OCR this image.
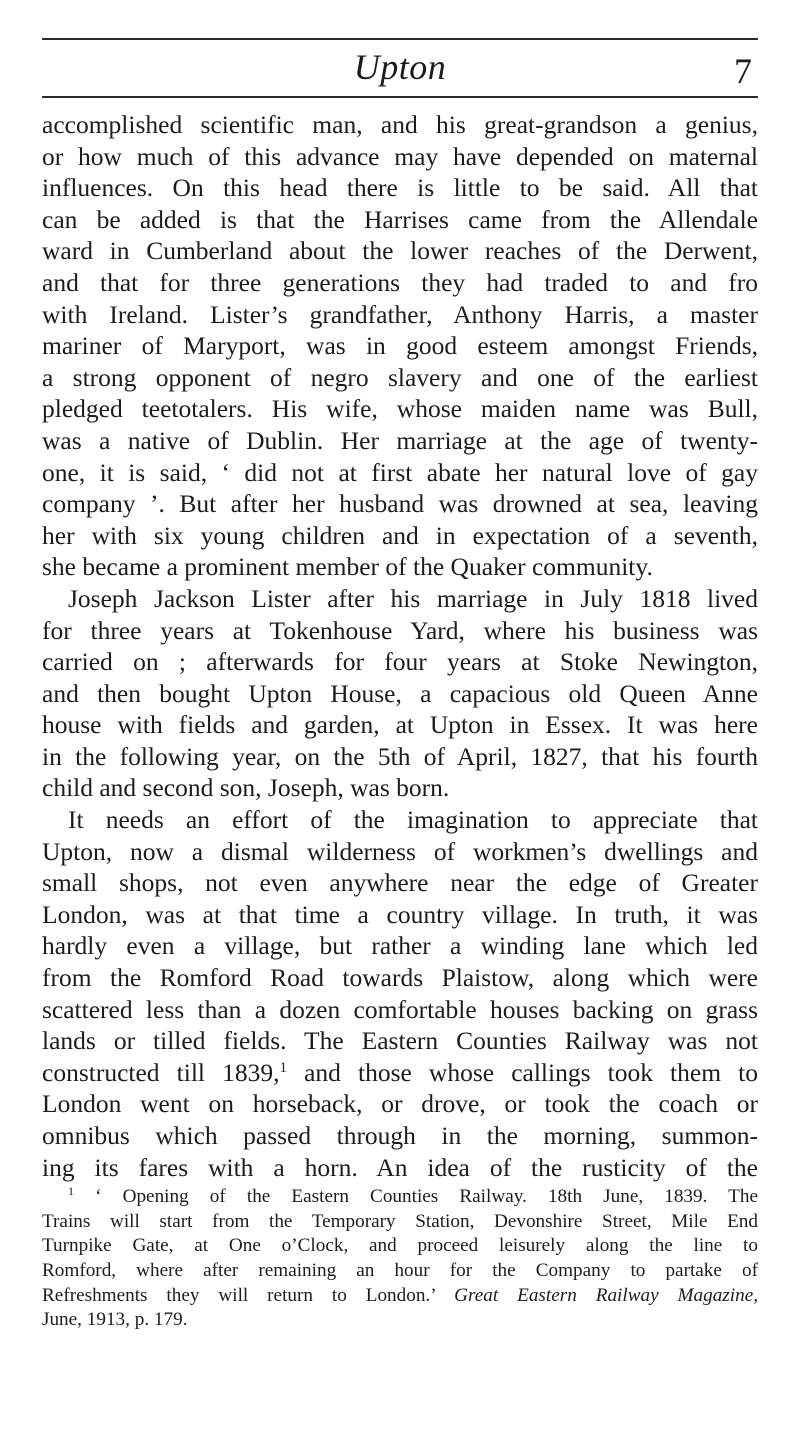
Upton	7
accomplished scientific man, and his great-grandson a genius,
or how much of this advance may have depended on maternal
influences. On this head there is little to be said. All that
can be added is that the Harrises came from the Allendale
ward in Cumberland about the lower reaches of the Derwent,
and that for three generations they had traded to and fro
with Ireland. Lister’s grandfather, Anthony Harris, a master
mariner of Maryport, was in good esteem amongst Friends,
a strong opponent of negro slavery and one of the earliest
pledged teetotalers. His wife, whose maiden name was Bull,
was a native of Dublin. Her marriage at the age of twenty-
one, it is said, ‘ did not at first abate her natural love of gay
company ’. But after her husband was drowned at sea, leaving
her with six young children and in expectation of a seventh,
she became a prominent member of the Quaker community.
Joseph Jackson Lister after his marriage in July 1818 lived
for three years at Tokenhouse Yard, where his business was
carried on ; afterwards for four years at Stoke Newington,
and then bought Upton House, a capacious old Queen Anne
house with fields and garden, at Upton in Essex. It was here
in the following year, on the 5th of April, 1827, that his fourth
child and second son, Joseph, was born.
It needs an effort of the imagination to appreciate that
Upton, now a dismal wilderness of workmen’s dwellings and
small shops, not even anywhere near the edge of Greater
London, was at that time a country village. In truth, it was
hardly even a village, but rather a winding lane which led
from the Romford Road towards Plaistow, along which were
scattered less than a dozen comfortable houses backing on grass
lands or tilled fields. The Eastern Counties Railway was not
constructed till 1839,$^1$ and those whose callings took them to
London went on horseback, or drove, or took the coach or
omnibus which passed through in the morning, summon-
ing its fares with a horn. An idea of the rusticity of the
$^1$ ‘ Opening of the Eastern Counties Railway. 18th June, 1839. The
Trains will start from the Temporary Station, Devonshire Street, Mile End
Turnpike Gate, at One o’Clock, and proceed leisurely along the line to
Romford, where after remaining an hour for the Company to partake of
Refreshments they will return to London.’ Great Eastern Railway Magazine,
June, 1913, p. 179.
